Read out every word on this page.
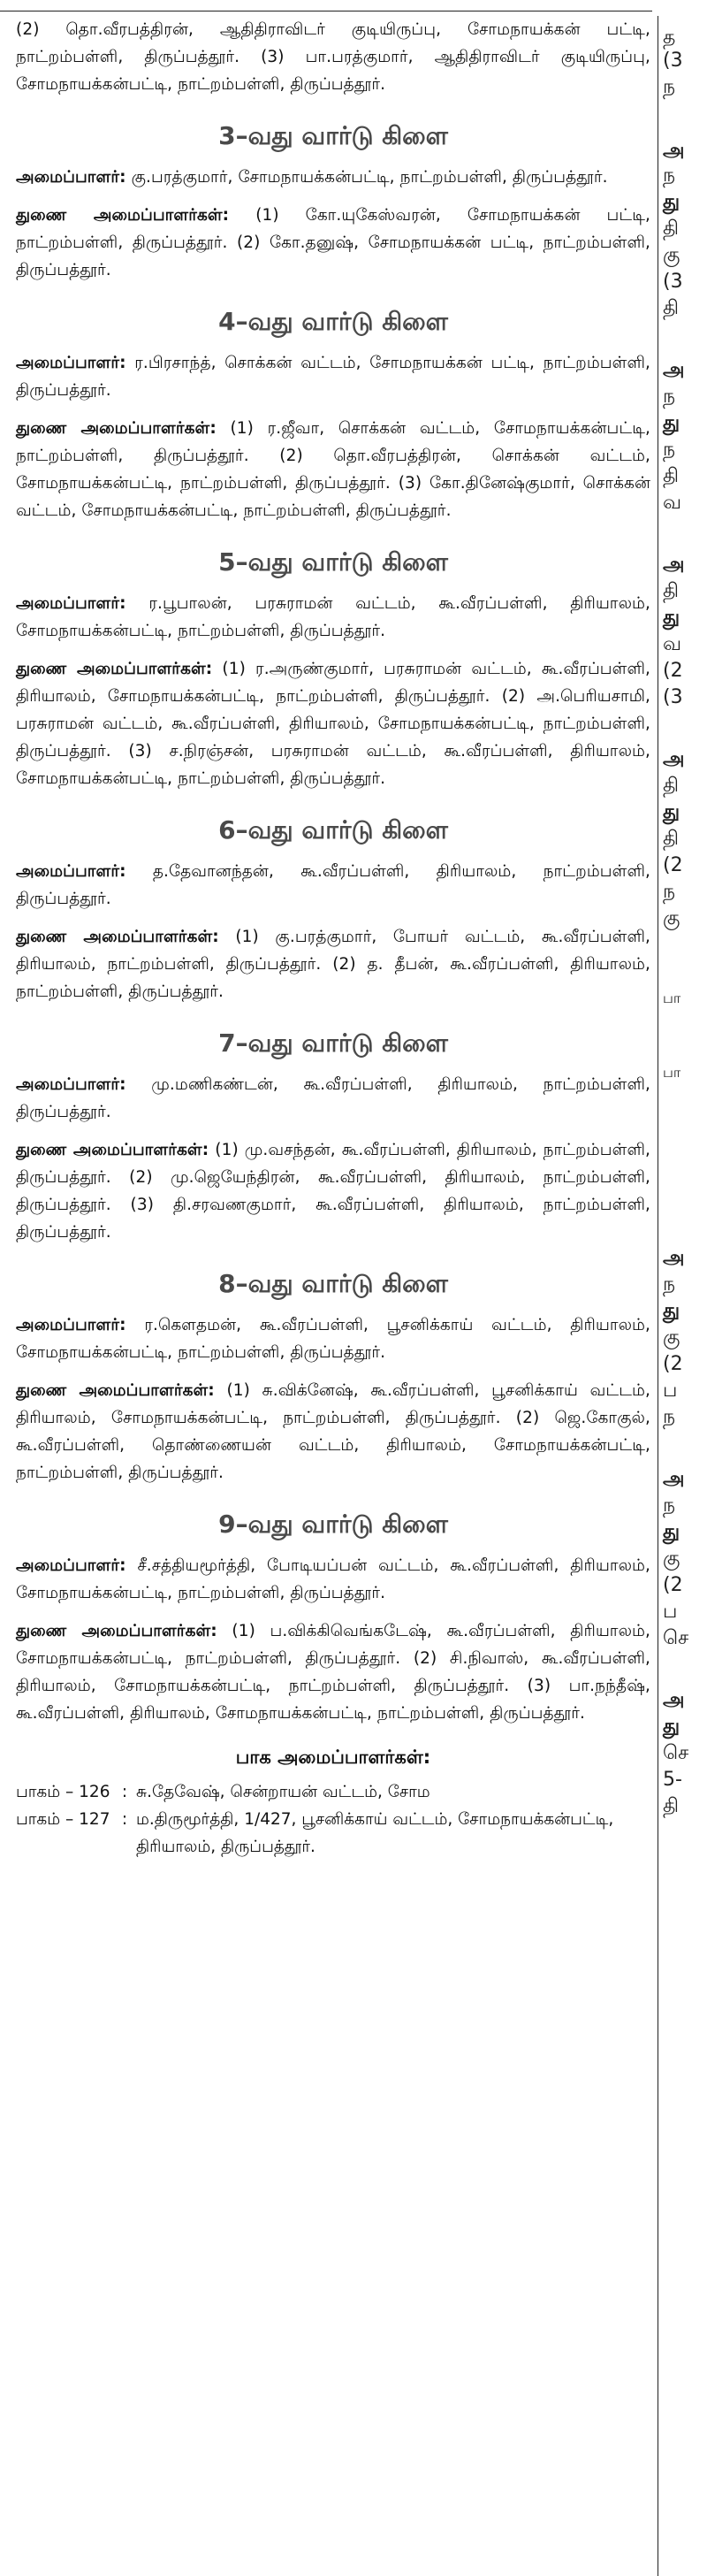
(2) தொ.வீரபத்திரன், ஆதிதிராவிடர் குடியிருப்பு, சோமநாயக்கன் பட்டி, நாட்றம்பள்ளி, திருப்பத்தூர். (3) பா.பரத்குமார், ஆதிதிராவிடர் குடியிருப்பு, சோமநாயக்கன்பட்டி, நாட்றம்பள்ளி, திருப்பத்தூர்.

3–வது வார்டு கிளை

அமைப்பாளர்: கு.பரத்குமார், சோமநாயக்கன்பட்டி, நாட்றம்பள்ளி, திருப்பத்தூர்.

துணை அமைப்பாளர்கள்: (1) கோ.யுகேஸ்வரன், சோமநாயக்கன் பட்டி, நாட்றம்பள்ளி, திருப்பத்தூர். (2) கோ.தனுஷ், சோமநாயக்கன் பட்டி, நாட்றம்பள்ளி, திருப்பத்தூர்.

4–வது வார்டு கிளை

அமைப்பாளர்: ர.பிரசாந்த், சொக்கன் வட்டம், சோமநாயக்கன் பட்டி, நாட்றம்பள்ளி, திருப்பத்தூர்.

துணை அமைப்பாளர்கள்: (1) ர.ஜீவா, சொக்கன் வட்டம், சோமநாயக்கன்பட்டி, நாட்றம்பள்ளி, திருப்பத்தூர். (2) தொ.வீரபத்திரன், சொக்கன் வட்டம், சோமநாயக்கன்பட்டி, நாட்றம்பள்ளி, திருப்பத்தூர். (3) கோ.தினேஷ்குமார், சொக்கன் வட்டம், சோமநாயக்கன்பட்டி, நாட்றம்பள்ளி, திருப்பத்தூர்.

5–வது வார்டு கிளை

அமைப்பாளர்: ர.பூபாலன், பரசுராமன் வட்டம், கூ.வீரப்பள்ளி, திரியாலம், சோமநாயக்கன்பட்டி, நாட்றம்பள்ளி, திருப்பத்தூர்.

துணை அமைப்பாளர்கள்: (1) ர.அருண்குமார், பரசுராமன் வட்டம், கூ.வீரப்பள்ளி, திரியாலம், சோமநாயக்கன்பட்டி, நாட்றம்பள்ளி, திருப்பத்தூர். (2) அ.பெரியசாமி, பரசுராமன் வட்டம், கூ.வீரப்பள்ளி, திரியாலம், சோமநாயக்கன்பட்டி, நாட்றம்பள்ளி, திருப்பத்தூர். (3) ச.நிரஞ்சன், பரசுராமன் வட்டம், கூ.வீரப்பள்ளி, திரியாலம், சோமநாயக்கன்பட்டி, நாட்றம்பள்ளி, திருப்பத்தூர்.

6–வது வார்டு கிளை

அமைப்பாளர்: த.தேவானந்தன், கூ.வீரப்பள்ளி, திரியாலம், நாட்றம்பள்ளி, திருப்பத்தூர்.

துணை அமைப்பாளர்கள்: (1) கு.பரத்குமார், போயர் வட்டம், கூ.வீரப்பள்ளி, திரியாலம், நாட்றம்பள்ளி, திருப்பத்தூர். (2) த. தீபன், கூ.வீரப்பள்ளி, திரியாலம், நாட்றம்பள்ளி, திருப்பத்தூர்.

7–வது வார்டு கிளை

அமைப்பாளர்: மு.மணிகண்டன், கூ.வீரப்பள்ளி, திரியாலம், நாட்றம்பள்ளி, திருப்பத்தூர்.

துணை அமைப்பாளர்கள்: (1) மு.வசந்தன், கூ.வீரப்பள்ளி, திரியாலம், நாட்றம்பள்ளி, திருப்பத்தூர். (2) மு.ஜெயேந்திரன், கூ.வீரப்பள்ளி, திரியாலம், நாட்றம்பள்ளி, திருப்பத்தூர். (3) தி.சரவணகுமார், கூ.வீரப்பள்ளி, திரியாலம், நாட்றம்பள்ளி, திருப்பத்தூர்.

8–வது வார்டு கிளை

அமைப்பாளர்: ர.கௌதமன், கூ.வீரப்பள்ளி, பூசனிக்காய் வட்டம், திரியாலம், சோமநாயக்கன்பட்டி, நாட்றம்பள்ளி, திருப்பத்தூர்.

துணை அமைப்பாளர்கள்: (1) சு.விக்னேஷ், கூ.வீரப்பள்ளி, பூசனிக்காய் வட்டம், திரியாலம், சோமநாயக்கன்பட்டி, நாட்றம்பள்ளி, திருப்பத்தூர். (2) ஜெ.கோகுல், கூ.வீரப்பள்ளி, தொண்ணையன் வட்டம், திரியாலம், சோமநாயக்கன்பட்டி, நாட்றம்பள்ளி, திருப்பத்தூர்.

9–வது வார்டு கிளை

அமைப்பாளர்: சீ.சத்தியமூர்த்தி, போடியப்பன் வட்டம், கூ.வீரப்பள்ளி, திரியாலம், சோமநாயக்கன்பட்டி, நாட்றம்பள்ளி, திருப்பத்தூர்.

துணை அமைப்பாளர்கள்: (1) ப.விக்கிவெங்கடேஷ், கூ.வீரப்பள்ளி, திரியாலம், சோமநாயக்கன்பட்டி, நாட்றம்பள்ளி, திருப்பத்தூர். (2) சி.நிவாஸ், கூ.வீரப்பள்ளி, திரியாலம், சோமநாயக்கன்பட்டி, நாட்றம்பள்ளி, திருப்பத்தூர். (3) பா.நந்தீஷ், கூ.வீரப்பள்ளி, திரியாலம், சோமநாயக்கன்பட்டி, நாட்றம்பள்ளி, திருப்பத்தூர்.

பாக அமைப்பாளர்கள்:
பாகம் – 126	:	சு.தேவேஷ், சென்றாயன் வட்டம், சோம
பாகம் – 127	:	ம.திருமூர்த்தி, 1/427, பூசனிக்காய் வட்டம், சோமநாயக்கன்பட்டி, திரியாலம், திருப்பத்தூர்.
த
(3
ந
அ
ந
து
தி
கு
(3
தி
அ
ந
து
ந
தி
வ
அ
தி
து
வ
(2
(3
அ
தி
து
தி
(2
ந
கு
பா
பா
அ
ந
து
கு
(2
ப
ந
அ
ந
து
கு
(2
ப
செ
அ
து
செ
5-
தி
